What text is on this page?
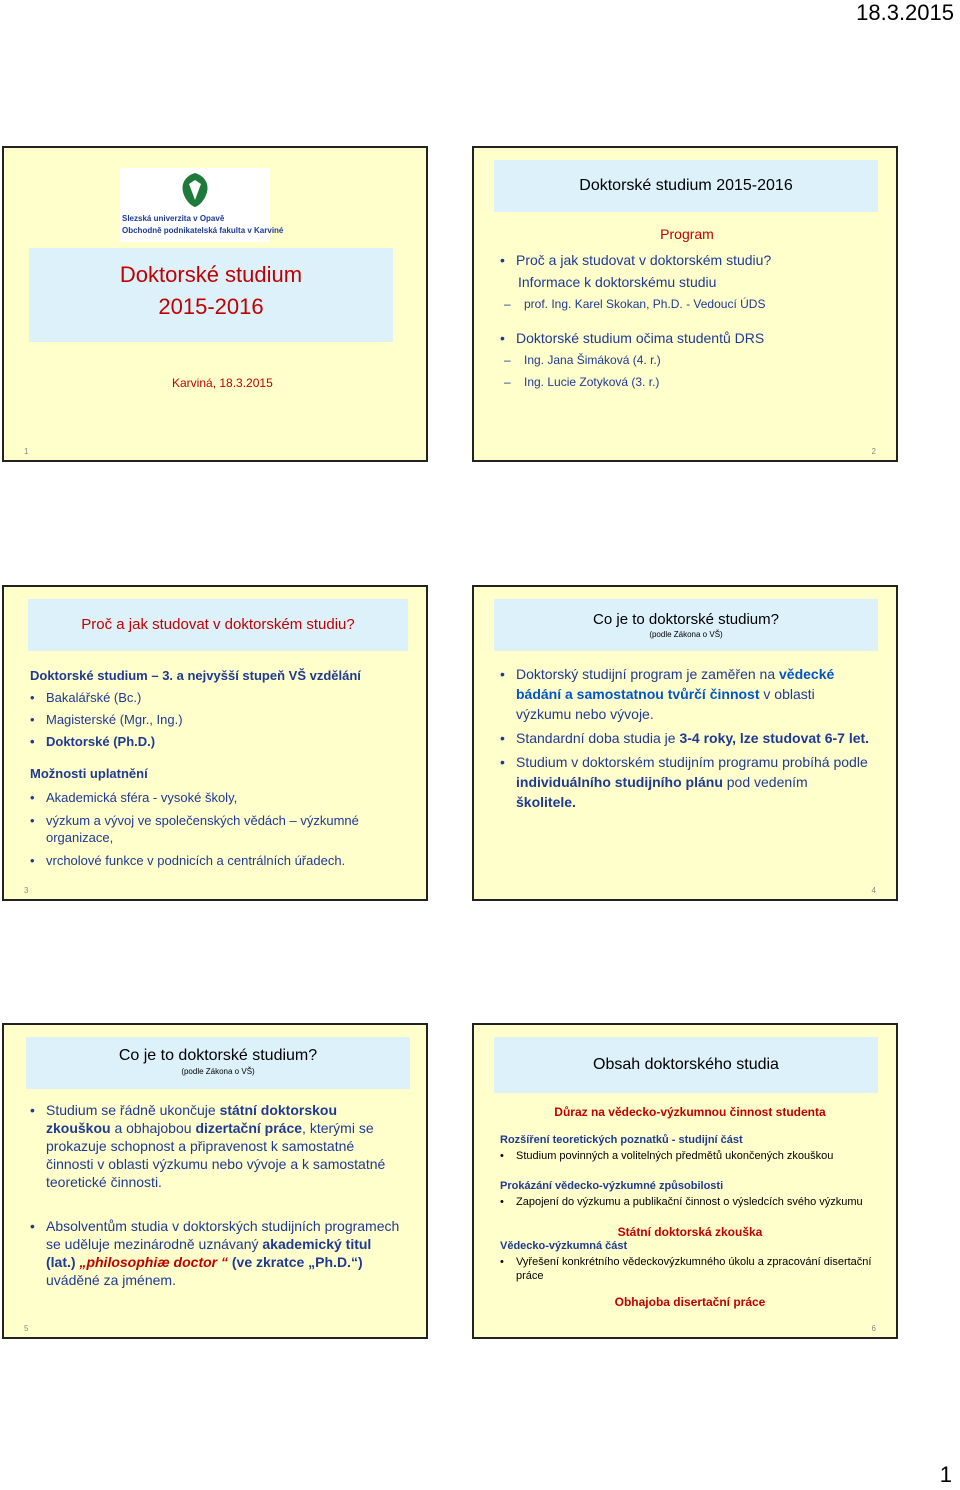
18.3.2015
Slezská univerzita v Opavě
Obchodně podnikatelská fakulta v Karviné
Doktorské studium
2015-2016
Karviná, 18.3.2015
1
Doktorské studium 2015-2016
Program
• Proč a jak studovat v doktorském studiu?
Informace k doktorskému studiu
– prof. Ing. Karel Skokan, Ph.D. - Vedoucí ÚDS
• Doktorské studium očima studentů DRS
– Ing. Jana Šimáková (4. r.)
– Ing. Lucie Zotyková (3. r.)
2
Proč a jak studovat v doktorském studiu?
Doktorské studium – 3. a nejvyšší stupeň VŠ vzdělání
• Bakalářské (Bc.)
• Magisterské (Mgr., Ing.)
• Doktorské (Ph.D.)
Možnosti uplatnění
• Akademická sféra - vysoké školy,
• výzkum a vývoj ve společenských vědách – výzkumné organizace,
• vrcholové funkce v podnicích a centrálních úřadech.
3
Co je to doktorské studium?
(podle Zákona o VŠ)
• Doktorský studijní program je zaměřen na vědecké bádání a samostatnou tvůrčí činnost v oblasti výzkumu nebo vývoje.
• Standardní doba studia je 3-4 roky, lze studovat 6-7 let.
• Studium v doktorském studijním programu probíhá podle individuálního studijního plánu pod vedením školitele.
4
Co je to doktorské studium?
(podle Zákona o VŠ)
• Studium se řádně ukončuje státní doktorskou zkouškou a obhajobou dizertační práce, kterými se prokazuje schopnost a připravenost k samostatné činnosti v oblasti výzkumu nebo vývoje a k samostatné teoretické činnosti.
• Absolventům studia v doktorských studijních programech se uděluje mezinárodně uznávaný akademický titul (lat.) „philosophiæ doctor “ (ve zkratce „Ph.D.“) uváděné za jménem.
5
Obsah doktorského studia
Důraz na vědecko-výzkumnou činnost studenta
Rozšíření teoretických poznatků - studijní část
• Studium povinných a volitelných předmětů ukončených zkouškou
Prokázání vědecko-výzkumné způsobilosti
• Zapojení do výzkumu a publikační činnost o výsledcích svého výzkumu
Státní doktorská zkouška
Vědecko-výzkumná část
• Vyřešení konkrétního vědeckovýzkumného úkolu a zpracování disertační práce
Obhajoba disertační práce
6
1
